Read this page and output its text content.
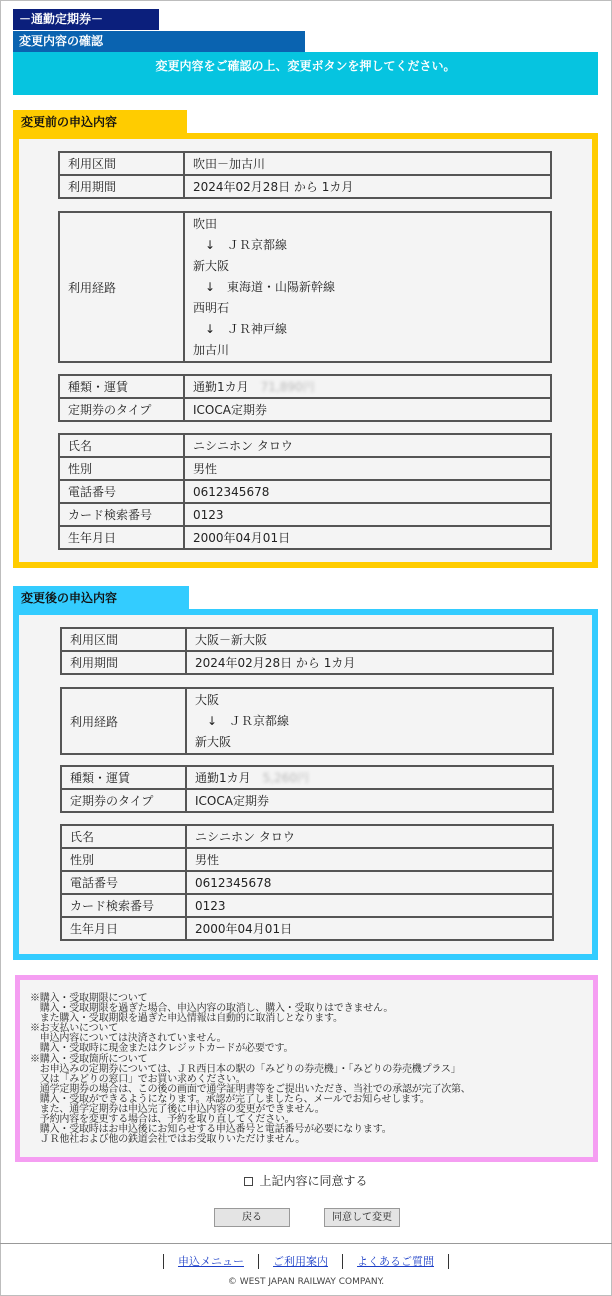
－通勤定期券－
変更内容の確認
変更内容をご確認の上、変更ボタンを押してください。
変更前の申込内容
利用区間	吹田－加古川
利用期間	2024年02月28日 から 1カ月
利用経路	
吹田
↓　ＪＲ京都線
新大阪
↓　東海道・山陽新幹線
西明石
↓　ＪＲ神戸線
加古川
種類・運賃	通勤1カ月 71,890円
定期券のタイプ	ICOCA定期券
氏名	ニシニホン タロウ
性別	男性
電話番号	0612345678
カード検索番号	0123
生年月日	2000年04月01日
変更後の申込内容
利用区間	大阪－新大阪
利用期間	2024年02月28日 から 1カ月
利用経路	
大阪
↓　ＪＲ京都線
新大阪
種類・運賃	通勤1カ月 5,260円
定期券のタイプ	ICOCA定期券
氏名	ニシニホン タロウ
性別	男性
電話番号	0612345678
カード検索番号	0123
生年月日	2000年04月01日
※購入・受取期限について
　購入・受取期限を過ぎた場合、申込内容の取消し、購入・受取りはできません。
　また購入・受取期限を過ぎた申込情報は自動的に取消しとなります。
※お支払いについて
　申込内容については決済されていません。
　購入・受取時に現金またはクレジットカードが必要です。
※購入・受取箇所について
　お申込みの定期券については、ＪＲ西日本の駅の「みどりの券売機」・「みどりの券売機プラス」
　又は「みどりの窓口」でお買い求めください。
　通学定期券の場合は、この後の画面で通学証明書等をご提出いただき、当社での承認が完了次第、
　購入・受取ができるようになります。承認が完了しましたら、メールでお知らせします。
　また、通学定期券は申込完了後に申込内容の変更ができません。
　予約内容を変更する場合は、予約を取り直してください。
　購入・受取時はお申込後にお知らせする申込番号と電話番号が必要になります。
　ＪＲ他社および他の鉄道会社ではお受取りいただけません。
上記内容に同意する
戻る	同意して変更
申込メニュー	ご利用案内	よくあるご質問
© WEST JAPAN RAILWAY COMPANY.
